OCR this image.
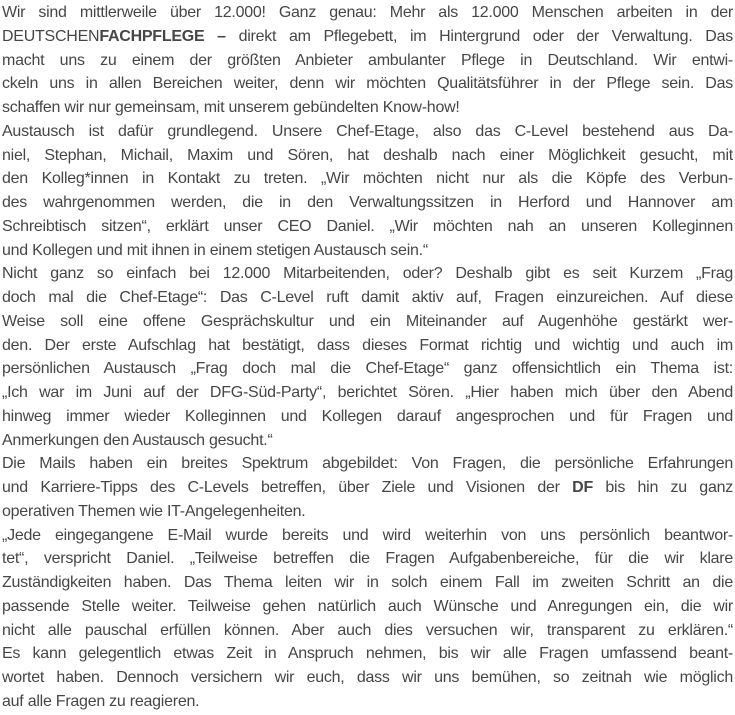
Wir sind mittlerweile über 12.000! Ganz genau: Mehr als 12.000 Menschen arbeiten in der
DEUTSCHENFACHPFLEGE – direkt am Pflegebett, im Hintergrund oder der Verwaltung. Das
macht uns zu einem der größten Anbieter ambulanter Pflege in Deutschland. Wir entwi-
ckeln uns in allen Bereichen weiter, denn wir möchten Qualitätsführer in der Pflege sein. Das
schaffen wir nur gemeinsam, mit unserem gebündelten Know-how!
Austausch ist dafür grundlegend. Unsere Chef-Etage, also das C-Level bestehend aus Da-
niel, Stephan, Michail, Maxim und Sören, hat deshalb nach einer Möglichkeit gesucht, mit
den Kolleg*innen in Kontakt zu treten. „Wir möchten nicht nur als die Köpfe des Verbun-
des wahrgenommen werden, die in den Verwaltungssitzen in Herford und Hannover am
Schreibtisch sitzen“, erklärt unser CEO Daniel. „Wir möchten nah an unseren Kolleginnen
und Kollegen und mit ihnen in einem stetigen Austausch sein.“
Nicht ganz so einfach bei 12.000 Mitarbeitenden, oder? Deshalb gibt es seit Kurzem „Frag
doch mal die Chef-Etage“: Das C-Level ruft damit aktiv auf, Fragen einzureichen. Auf diese
Weise soll eine offene Gesprächskultur und ein Miteinander auf Augenhöhe gestärkt wer-
den. Der erste Aufschlag hat bestätigt, dass dieses Format richtig und wichtig und auch im
persönlichen Austausch „Frag doch mal die Chef-Etage“ ganz offensichtlich ein Thema ist:
„Ich war im Juni auf der DFG-Süd-Party“, berichtet Sören. „Hier haben mich über den Abend
hinweg immer wieder Kolleginnen und Kollegen darauf angesprochen und für Fragen und
Anmerkungen den Austausch gesucht.“
Die Mails haben ein breites Spektrum abgebildet: Von Fragen, die persönliche Erfahrungen
und Karriere-Tipps des C-Levels betreffen, über Ziele und Visionen der DF bis hin zu ganz
operativen Themen wie IT-Angelegenheiten.
„Jede eingegangene E-Mail wurde bereits und wird weiterhin von uns persönlich beantwor-
tet“, verspricht Daniel. „Teilweise betreffen die Fragen Aufgabenbereiche, für die wir klare
Zuständigkeiten haben. Das Thema leiten wir in solch einem Fall im zweiten Schritt an die
passende Stelle weiter. Teilweise gehen natürlich auch Wünsche und Anregungen ein, die wir
nicht alle pauschal erfüllen können. Aber auch dies versuchen wir, transparent zu erklären.“
Es kann gelegentlich etwas Zeit in Anspruch nehmen, bis wir alle Fragen umfassend beant-
wortet haben. Dennoch versichern wir euch, dass wir uns bemühen, so zeitnah wie möglich
auf alle Fragen zu reagieren.
